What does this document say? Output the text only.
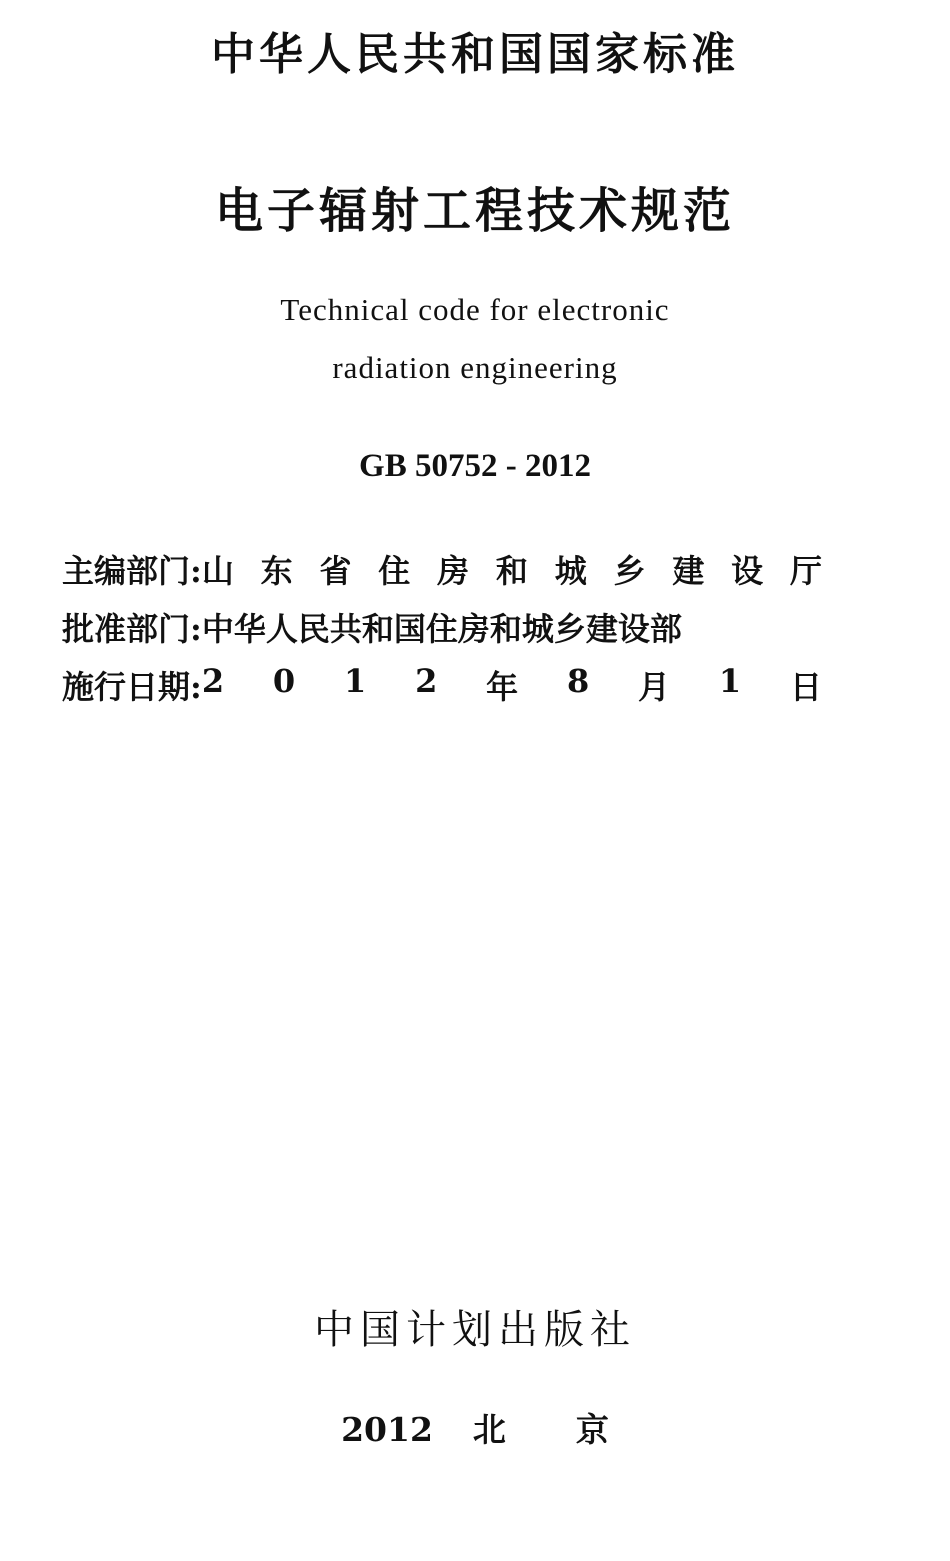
中华人民共和国国家标准
电子辐射工程技术规范
Technical code for electronic
radiation engineering
GB 50752 - 2012
主编部门: 山 东 省 住 房 和 城 乡 建 设 厅
批准部门: 中华人民共和国住房和城乡建设部
施行日期: 2 0 1 2 年 8 月 1 日
中国计划出版社
2012 北 京
